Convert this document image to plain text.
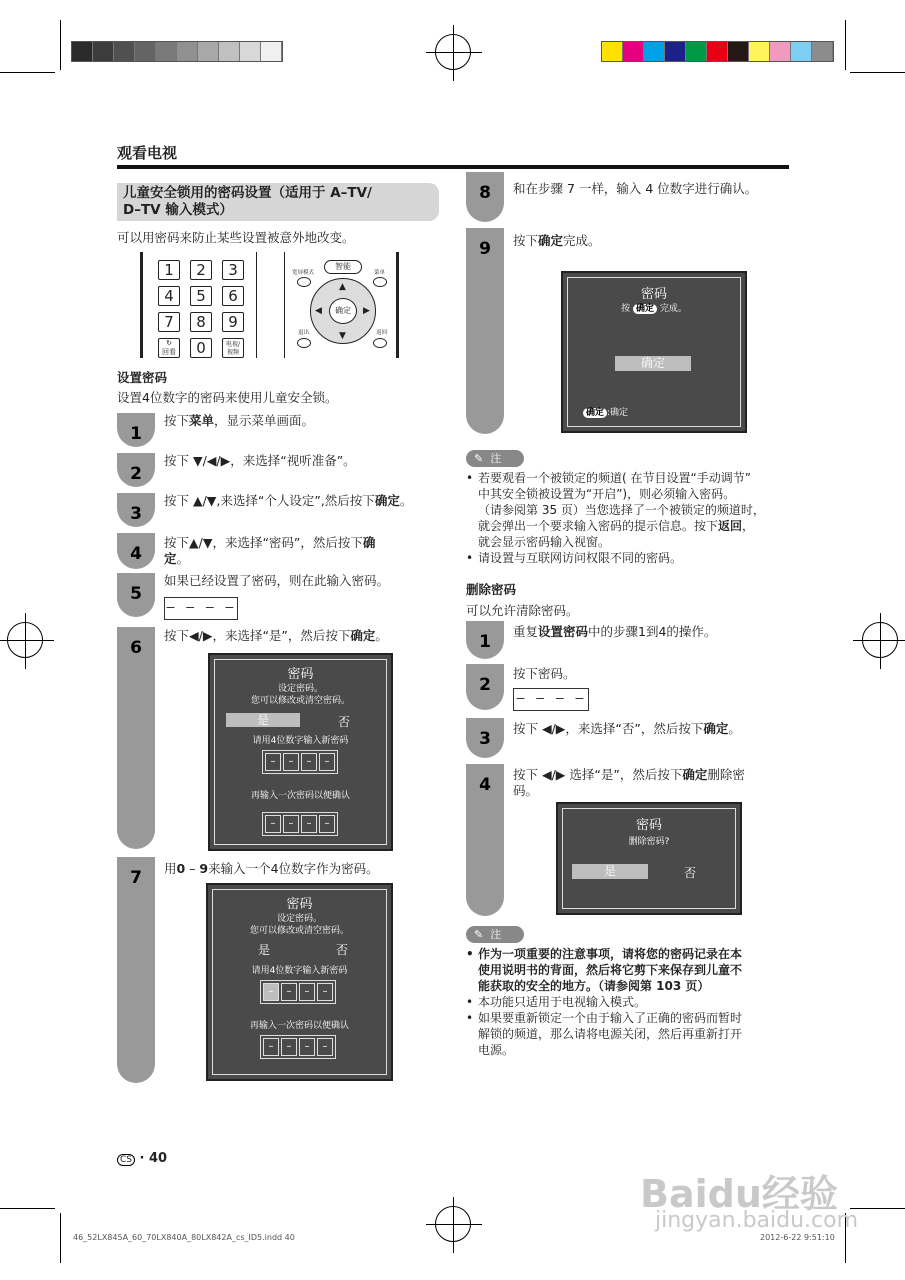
观看电视
儿童安全锁用的密码设置（适用于 A–TV/
D–TV 输入模式）
可以用密码来防止某些设置被意外地改变。
1	2	3
4	5	6
7	8	9
↻
回看	0	电视/视频
智能
宽屏模式	菜单
▲
▼
◀	▶
确定
退出	返回
设置密码
设置4位数字的密码来使用儿童安全锁。
1
按下菜单，显示菜单画面。
2
按下 ▼/◀/▶，来选择“视听准备”。
3
按下 ▲/▼,来选择“个人设定”,然后按下确定。
4
按下▲/▼，来选择“密码”，然后按下确
定。
5
如果已经设置了密码，则在此输入密码。
– – – –
6
按下◀/▶，来选择“是”，然后按下确定。
密码
设定密码。
您可以修改或清空密码。
是	否
请用4位数字输入新密码
–	–	–	–
再输入一次密码以便确认
–	–	–	–
7	用0 – 9来输入一个4位数字作为密码。
密码
设定密码。
您可以修改或清空密码。
是	否
请用4位数字输入新密码
–	–	–	–
再输入一次密码以便确认
–	–	–	–
8	和在步骤 7 一样，输入 4 位数字进行确认。
9	按下确定完成。
密码
按 确定 完成。
确定
确定 :确定
✎ 注
• 若要观看一个被锁定的频道( 在节目设置“手动调节”
中其安全锁被设置为“开启”)，则必须输入密码。
（请参阅第 35 页）当您选择了一个被锁定的频道时，
就会弹出一个要求输入密码的提示信息。按下返回，
就会显示密码输入视窗。
• 请设置与互联网访问权限不同的密码。
删除密码
可以允许清除密码。
1
重复设置密码中的步骤1到4的操作。
2
按下密码。
– – – –
3
按下 ◀/▶，来选择“否”，然后按下确定。
4
按下 ◀/▶ 选择“是”，然后按下确定删除密
码。
密码
删除密码?
是	否
✎ 注
• 作为一项重要的注意事项，请将您的密码记录在本
使用说明书的背面，然后将它剪下来保存到儿童不
能获取的安全的地方。（请参阅第 103 页）
• 本功能只适用于电视输入模式。
• 如果要重新锁定一个由于输入了正确的密码而暂时
解锁的频道，那么请将电源关闭，然后再重新打开
电源。
CS · 40
46_52LX845A_60_70LX840A_80LX842A_cs_ID5.indd 40	2012-6-22 9:51:10
Baidu经验
jingyan.baidu.com
